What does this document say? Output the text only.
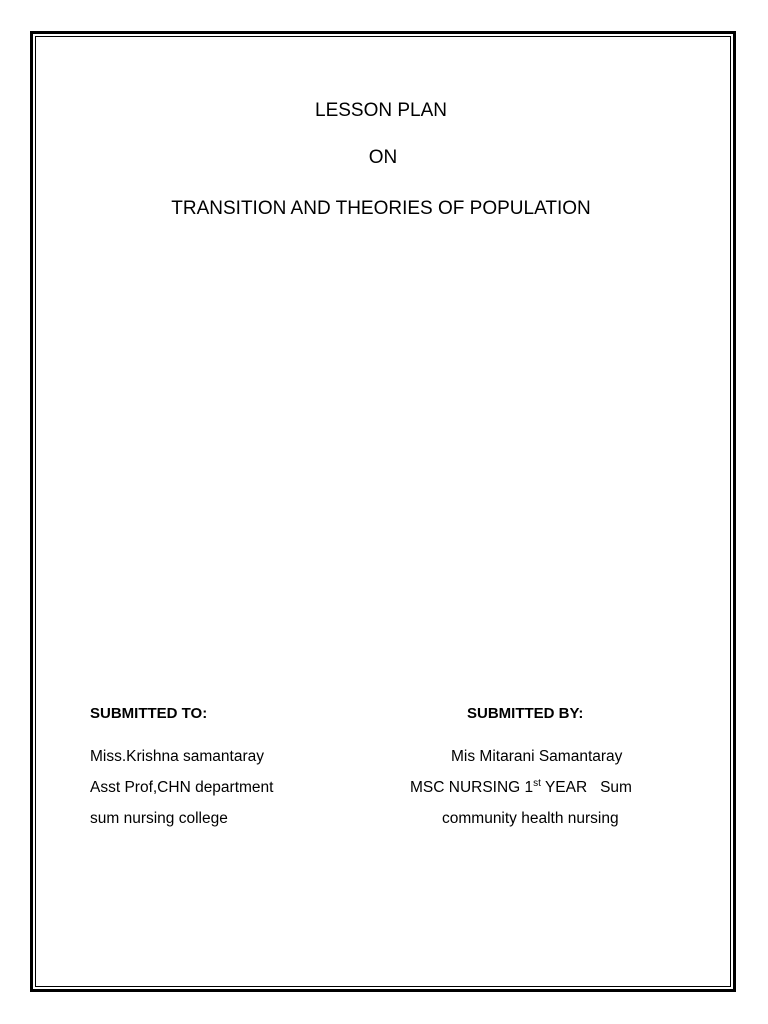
LESSON PLAN
ON
TRANSITION AND THEORIES OF POPULATION
SUBMITTED TO:	SUBMITTED BY:
Miss.Krishna samantaray
Asst Prof,CHN department
sum nursing college
Mis Mitarani Samantaray
MSC NURSING 1st YEAR   Sum
community health nursing
